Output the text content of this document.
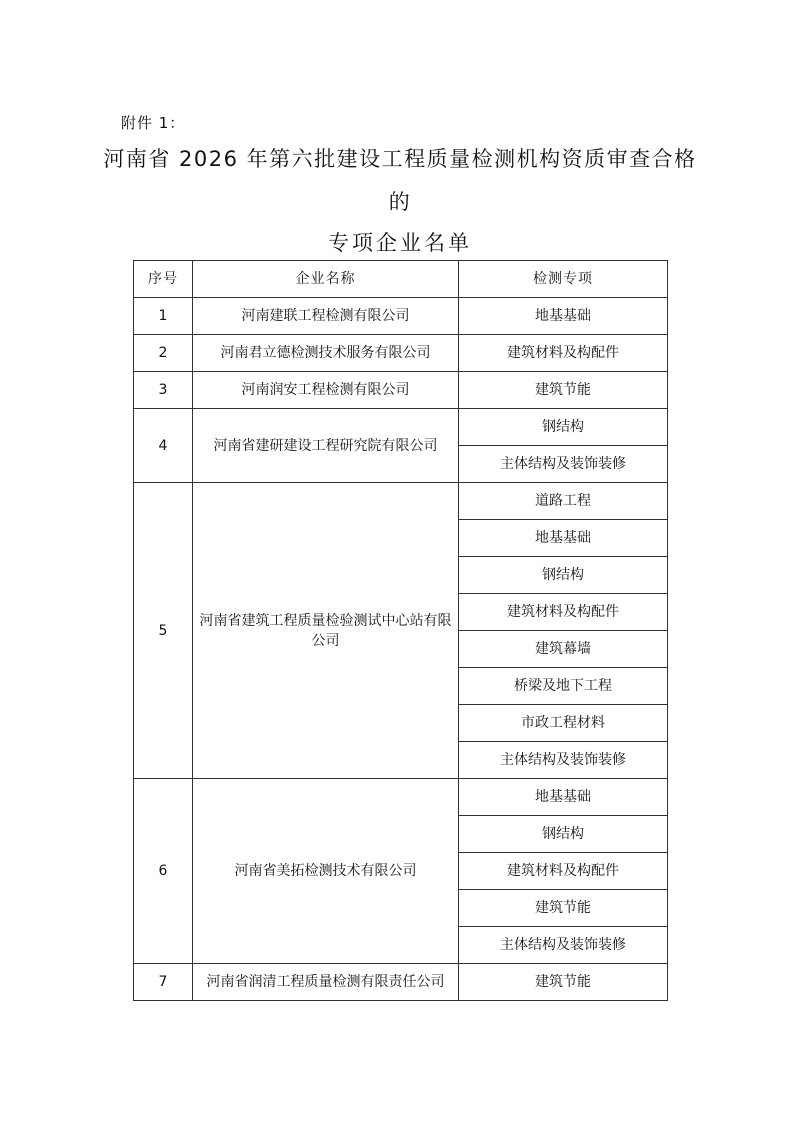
附件 1：
河南省 2026 年第六批建设工程质量检测机构资质审查合格
的
专项企业名单
序号	企业名称	检测专项
1	河南建联工程检测有限公司	地基基础
2	河南君立德检测技术服务有限公司	建筑材料及构配件
3	河南润安工程检测有限公司	建筑节能
4	河南省建研建设工程研究院有限公司	钢结构
		主体结构及装饰装修
5	河南省建筑工程质量检验测试中心站有限公司	道路工程
		地基基础
		钢结构
		建筑材料及构配件
		建筑幕墙
		桥梁及地下工程
		市政工程材料
		主体结构及装饰装修
6	河南省美拓检测技术有限公司	地基基础
		钢结构
		建筑材料及构配件
		建筑节能
		主体结构及装饰装修
7	河南省润清工程质量检测有限责任公司	建筑节能
